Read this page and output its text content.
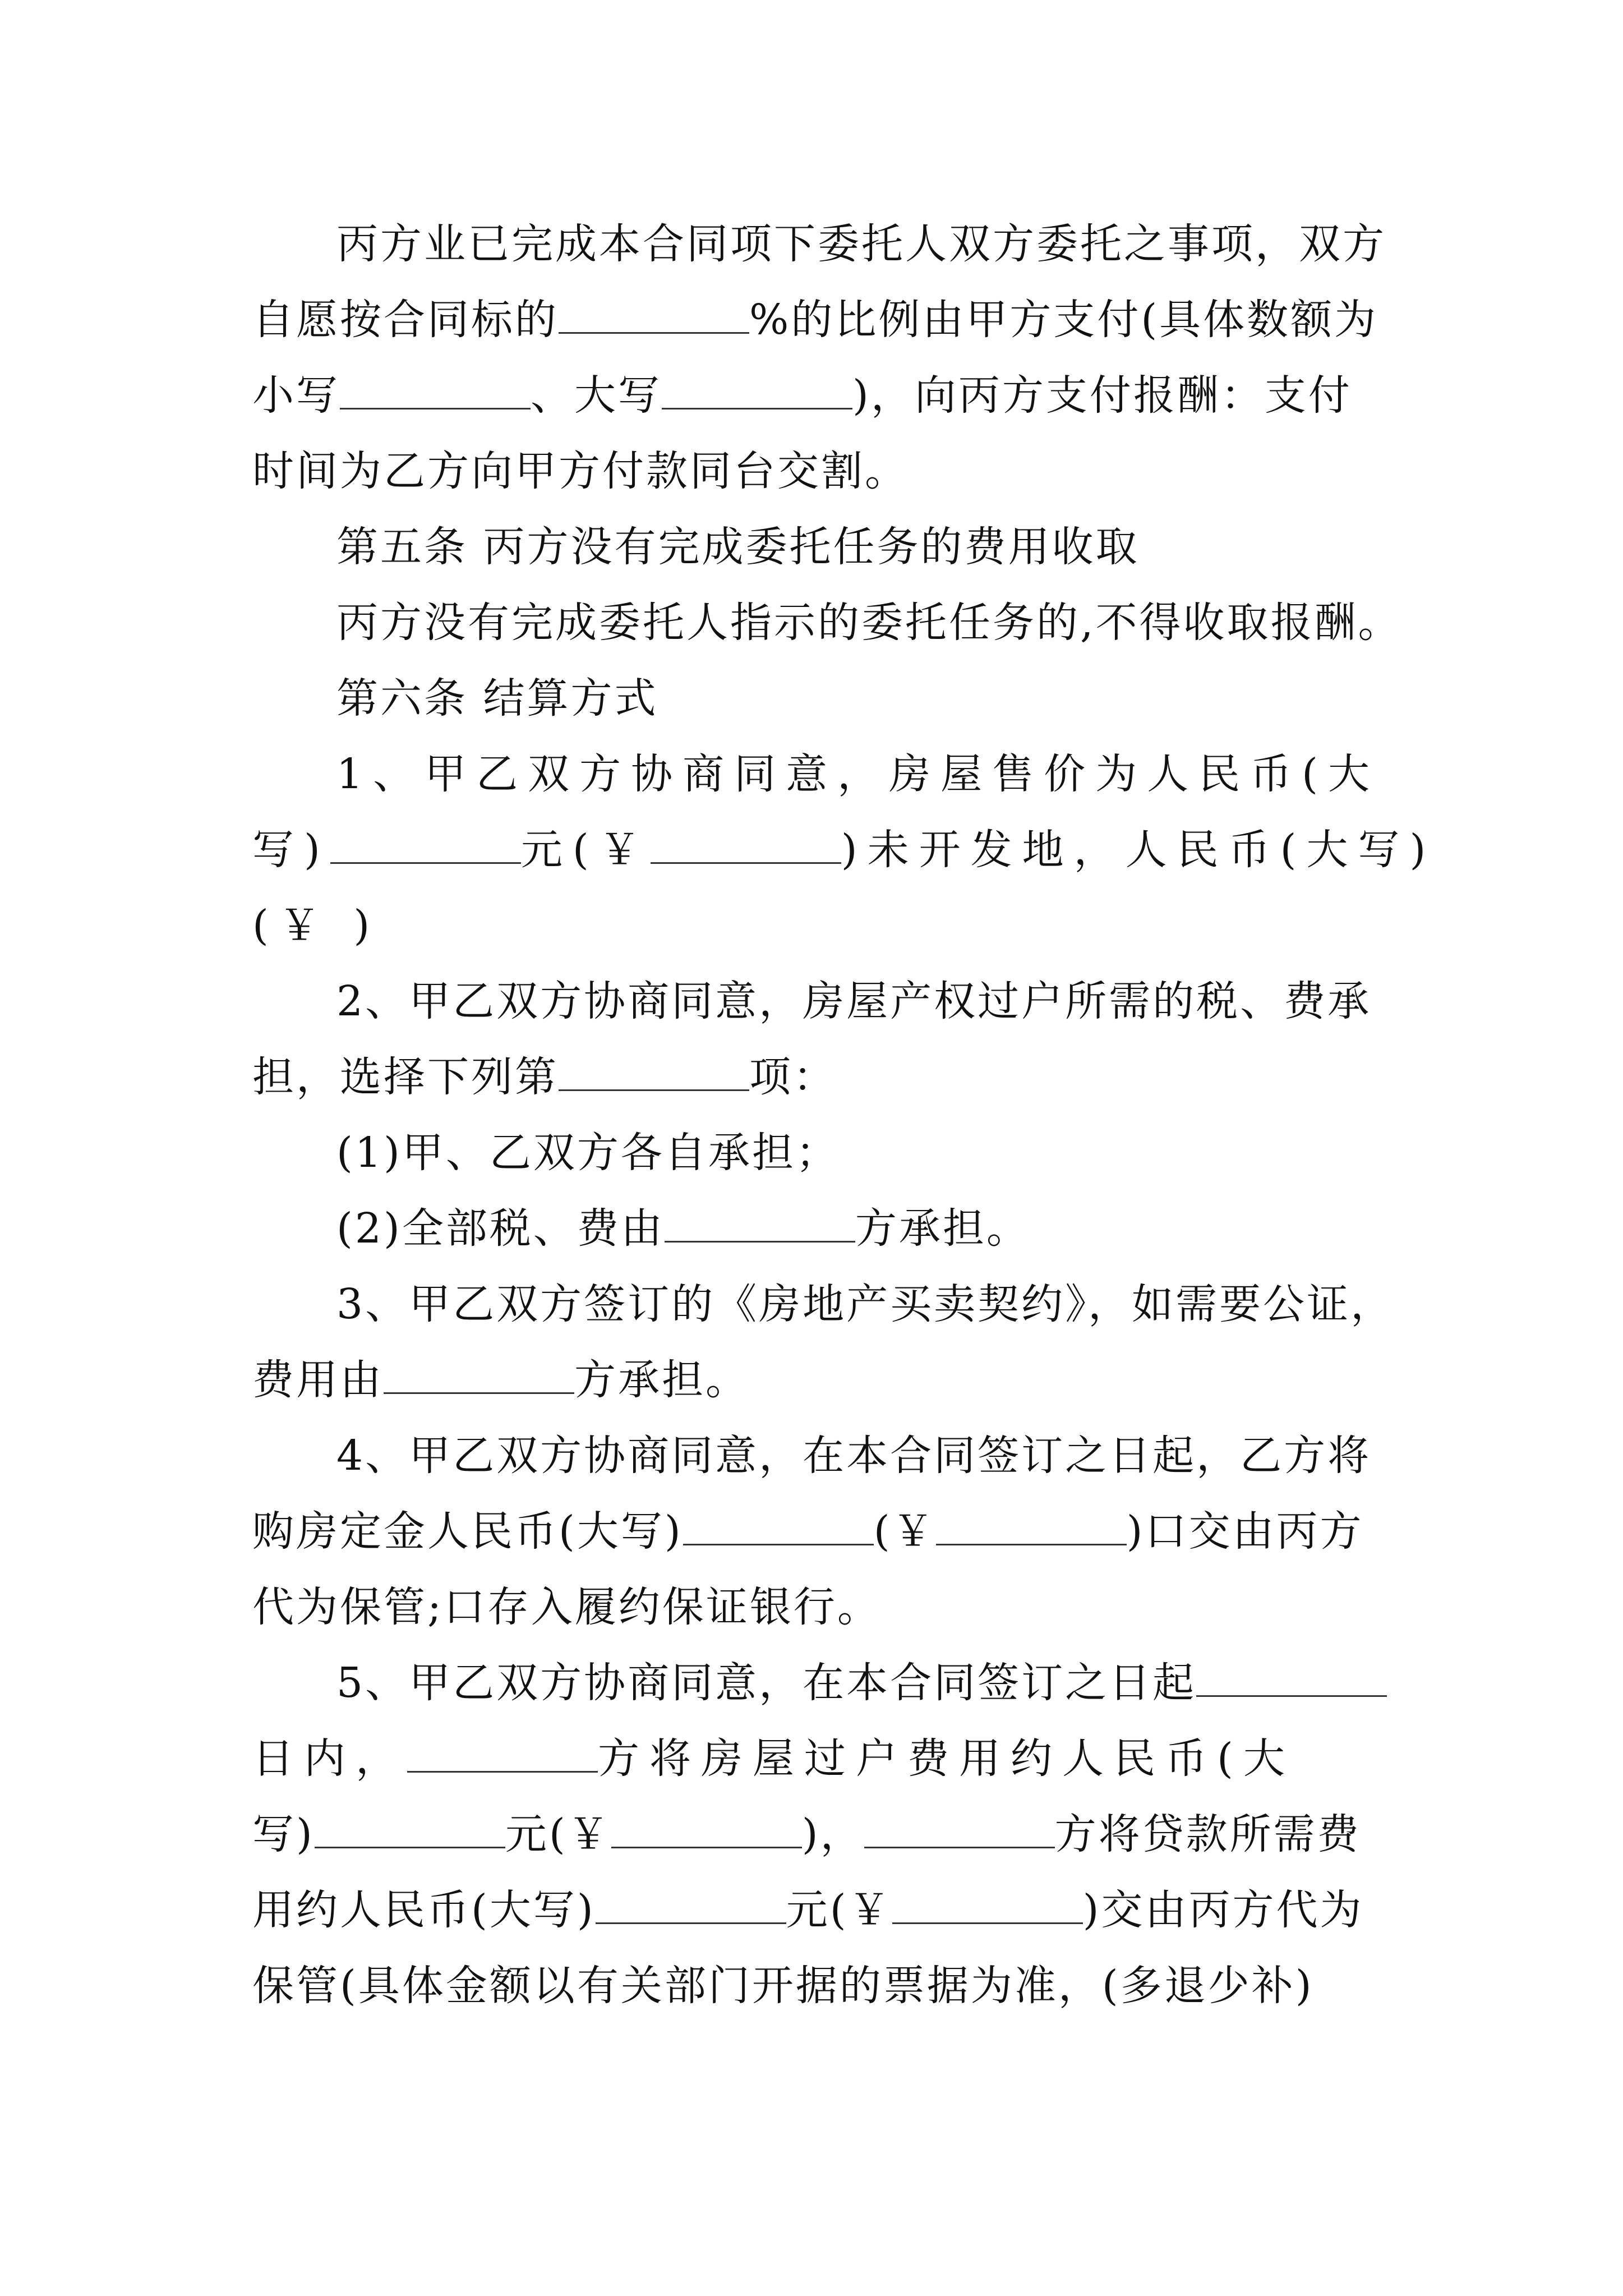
丙方业已完成本合同项下委托人双方委托之事项，双方
自愿按合同标的	%的比例由甲方支付(具体数额为
小写	、大写	)，向丙方支付报酬：支付
时间为乙方向甲方付款同台交割。
第五条 丙方没有完成委托任务的费用收取
丙方没有完成委托人指示的委托任务的,不得收取报酬。
第六条 结算方式
1、甲乙双方协商同意，房屋售价为人民币(大
写)	元(￥	)未开发地，人民币(大写)
(￥ )
2、甲乙双方协商同意，房屋产权过户所需的税、费承
担，选择下列第	项：
(1)甲、乙双方各自承担；
(2)全部税、费由	方承担。
3、甲乙双方签订的《房地产买卖契约》，如需要公证，
费用由	方承担。
4、甲乙双方协商同意，在本合同签订之日起，乙方将
购房定金人民币(大写)	(￥	)口交由丙方
代为保管;口存入履约保证银行。
5、甲乙双方协商同意，在本合同签订之日起
日内，	方将房屋过户费用约人民币(大
写)	元(￥	)，	方将贷款所需费
用约人民币(大写)	元(￥	)交由丙方代为
保管(具体金额以有关部门开据的票据为准，(多退少补)
